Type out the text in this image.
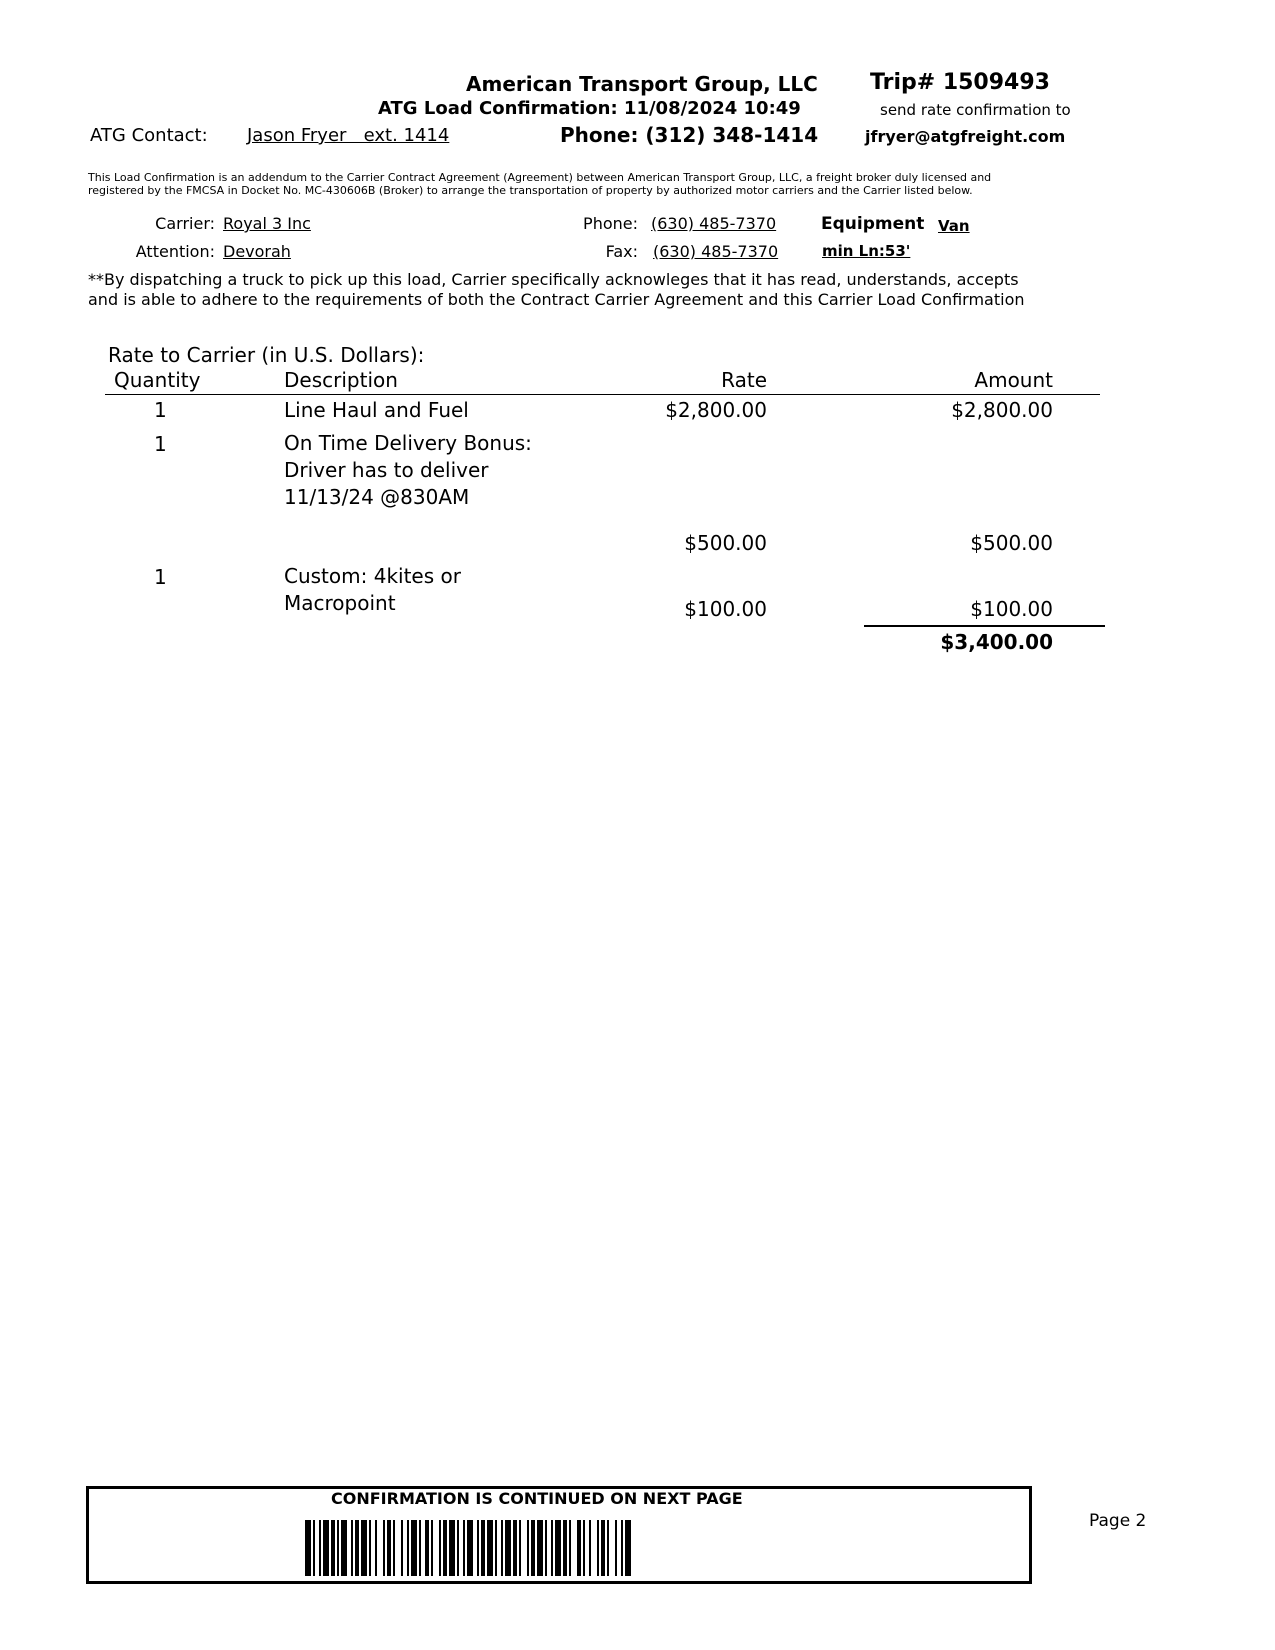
American Transport Group, LLC Trip# 1509493
ATG Load Confirmation: 11/08/2024 10:49	send rate confirmation to
ATG Contact: Jason Fryer   ext. 1414	Phone: (312) 348-1414	jfryer@atgfreight.com
This Load Confirmation is an addendum to the Carrier Contract Agreement (Agreement) between American Transport Group, LLC, a freight broker duly licensed and
registered by the FMCSA in Docket No. MC-430606B (Broker) to arrange the transportation of property by authorized motor carriers and the Carrier listed below.
Carrier: Royal 3 Inc
Attention: Devorah
Phone: (630) 485-7370
Fax: (630) 485-7370
Equipment Van
min Ln:53'
**By dispatching a truck to pick up this load, Carrier specifically acknowleges that it has read, understands, accepts
and is able to adhere to the requirements of both the Contract Carrier Agreement and this Carrier Load Confirmation
Rate to Carrier (in U.S. Dollars):
Quantity	Description	Rate	Amount
1	Line Haul and Fuel	$2,800.00	$2,800.00
1	On Time Delivery Bonus:
Driver has to deliver
11/13/24 @830AM
$500.00	$500.00
1	Custom: 4kites or
Macropoint	$100.00	$100.00
$3,400.00
CONFIRMATION IS CONTINUED ON NEXT PAGE
Page 2
